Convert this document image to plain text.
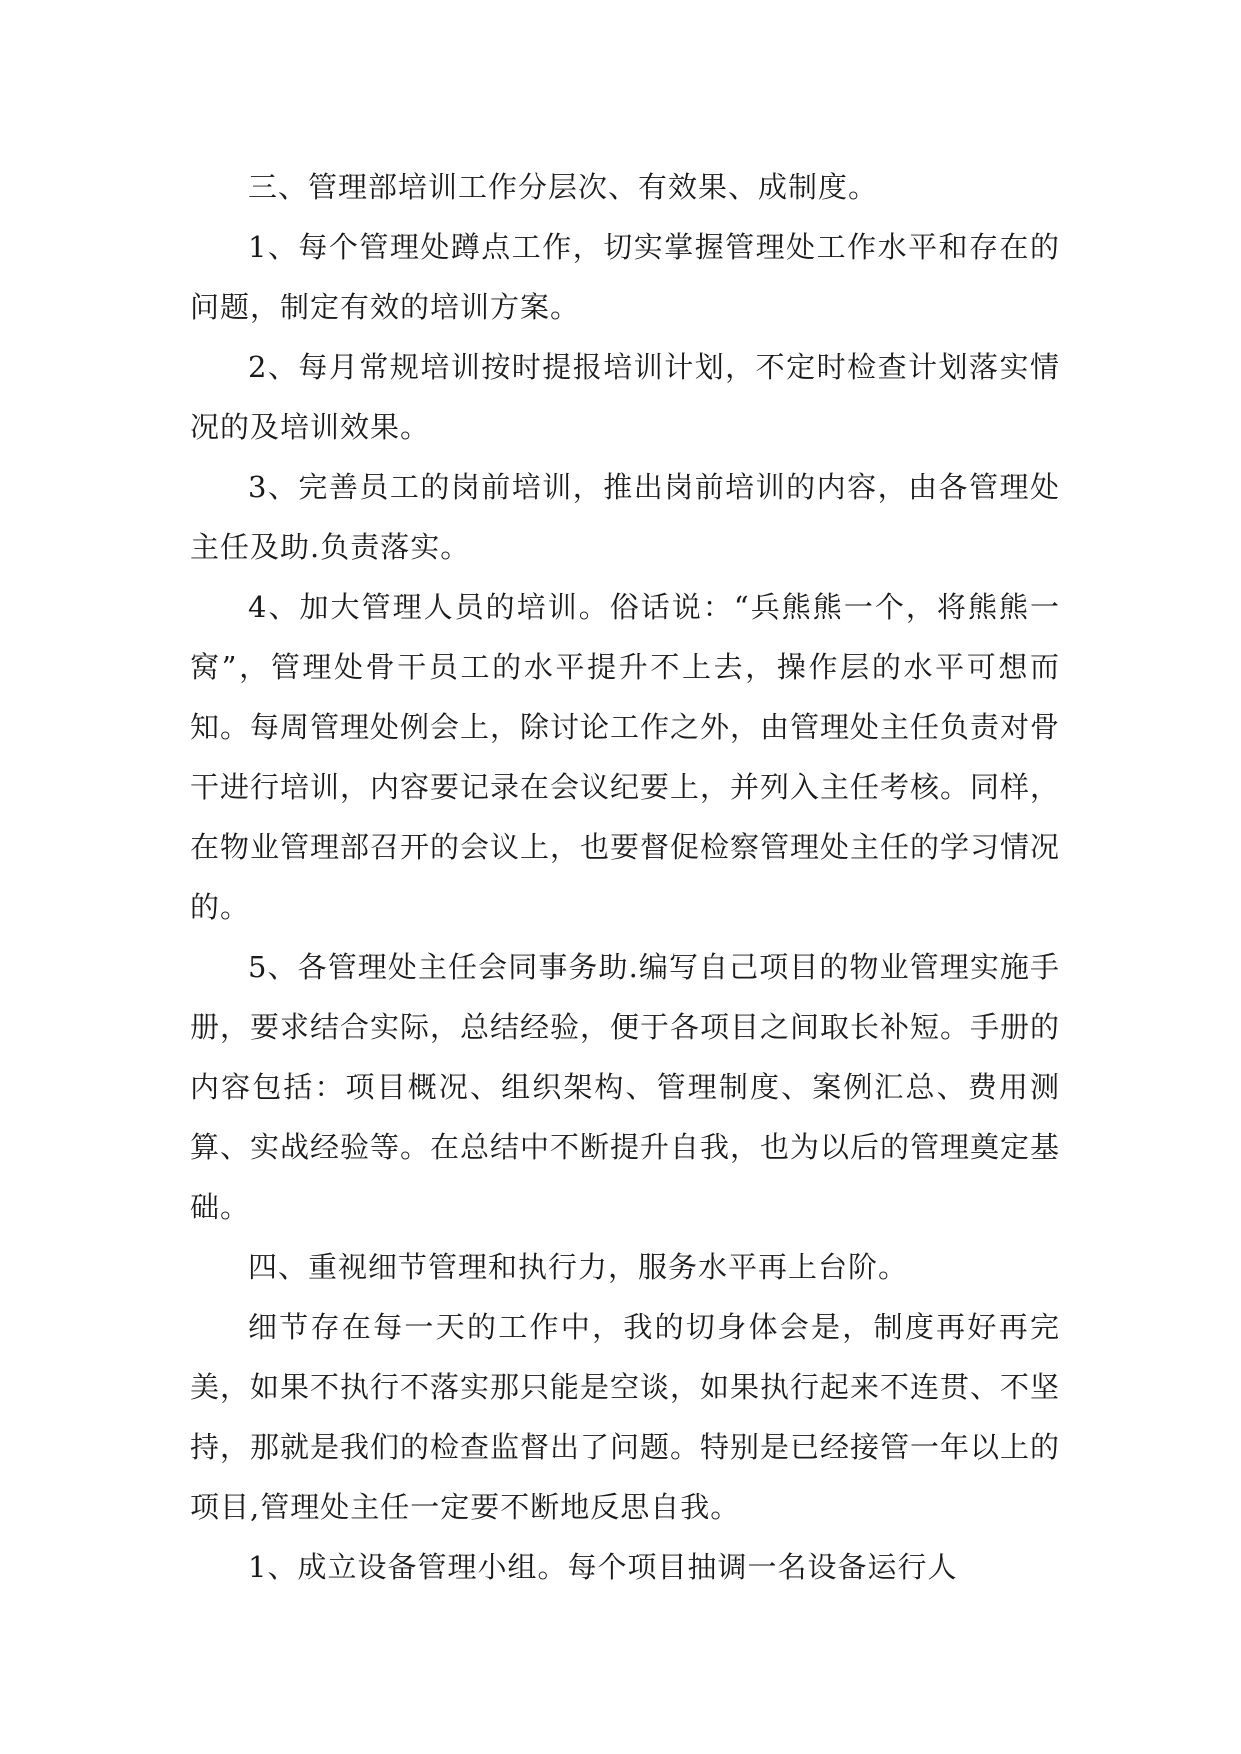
三、管理部培训工作分层次、有效果、成制度。

1、每个管理处蹲点工作，切实掌握管理处工作水平和存在的问题，制定有效的培训方案。

2、每月常规培训按时提报培训计划，不定时检查计划落实情况的及培训效果。

3、完善员工的岗前培训，推出岗前培训的内容，由各管理处主任及助.负责落实。

4、加大管理人员的培训。俗话说：“兵熊熊一个，将熊熊一窝”，管理处骨干员工的水平提升不上去，操作层的水平可想而知。每周管理处例会上，除讨论工作之外，由管理处主任负责对骨干进行培训，内容要记录在会议纪要上，并列入主任考核。同样，在物业管理部召开的会议上，也要督促检察管理处主任的学习情况的。

5、各管理处主任会同事务助.编写自己项目的物业管理实施手册，要求结合实际，总结经验，便于各项目之间取长补短。手册的内容包括：项目概况、组织架构、管理制度、案例汇总、费用测算、实战经验等。在总结中不断提升自我，也为以后的管理奠定基础。

四、重视细节管理和执行力，服务水平再上台阶。

细节存在每一天的工作中，我的切身体会是，制度再好再完美，如果不执行不落实那只能是空谈，如果执行起来不连贯、不坚持，那就是我们的检查监督出了问题。特别是已经接管一年以上的项目,管理处主任一定要不断地反思自我。

1、成立设备管理小组。每个项目抽调一名设备运行人
